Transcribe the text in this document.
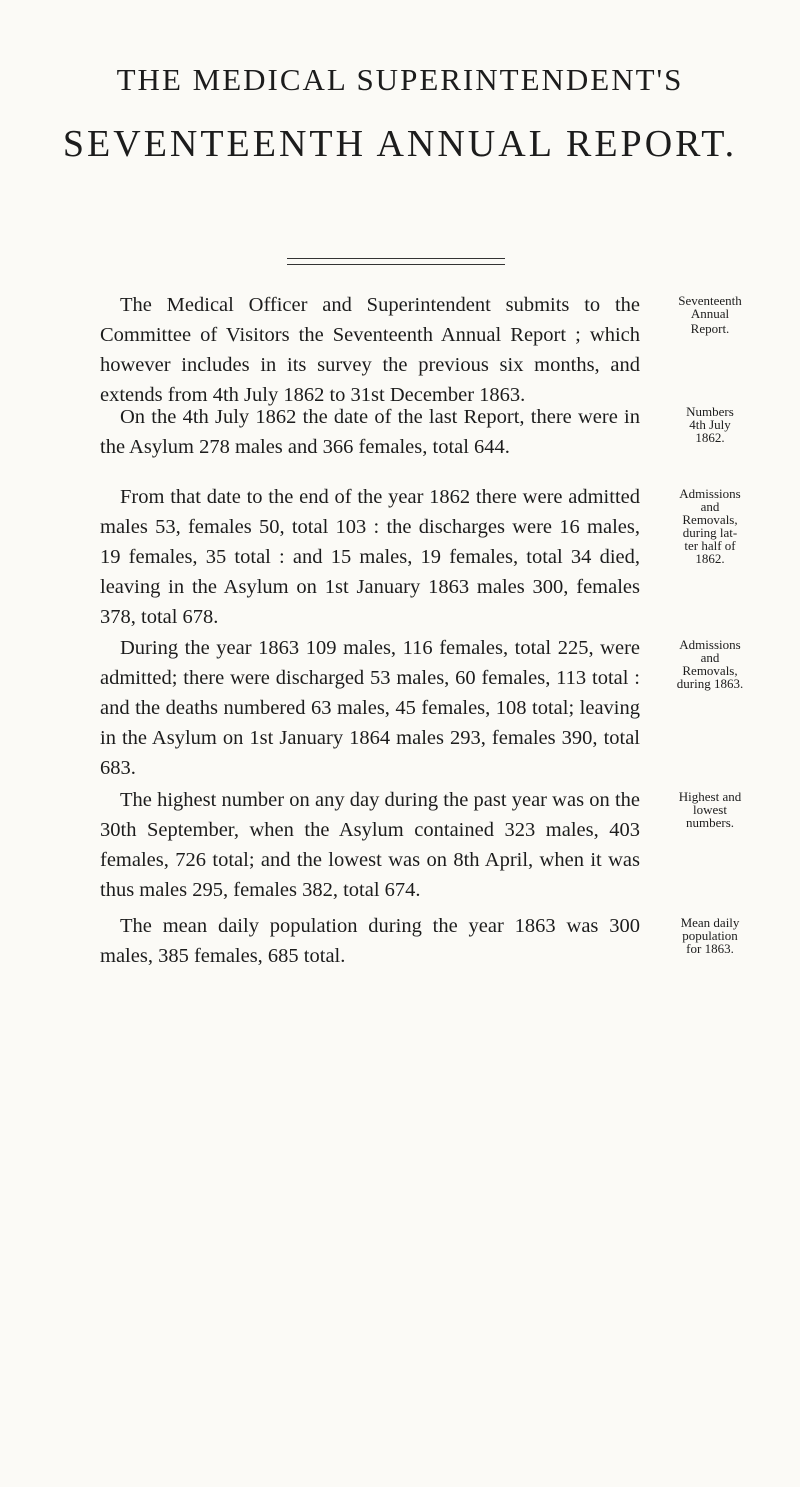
THE MEDICAL SUPERINTENDENT'S
SEVENTEENTH ANNUAL REPORT.

The Medical Officer and Superintendent submits to the Committee of Visitors the Seventeenth Annual Report ; which however includes in its survey the previous six months, and extends from 4th July 1862 to 31st December 1863.

Seventeenth
Annual
Report.

On the 4th July 1862 the date of the last Report, there were in the Asylum 278 males and 366 females, total 644.

Numbers
4th July
1862.

From that date to the end of the year 1862 there were admitted males 53, females 50, total 103 : the discharges were 16 males, 19 females, 35 total : and 15 males, 19 females, total 34 died, leaving in the Asylum on 1st January 1863 males 300, females 378, total 678.

Admissions
and
Removals,
during lat-
ter half of
1862.

During the year 1863 109 males, 116 females, total 225, were admitted; there were discharged 53 males, 60 females, 113 total : and the deaths numbered 63 males, 45 females, 108 total; leaving in the Asylum on 1st January 1864 males 293, females 390, total 683.

Admissions
and
Removals,
during 1863.

The highest number on any day during the past year was on the 30th September, when the Asylum contained 323 males, 403 females, 726 total; and the lowest was on 8th April, when it was thus males 295, females 382, total 674.

Highest and
lowest
numbers.

The mean daily population during the year 1863 was 300 males, 385 females, 685 total.

Mean daily
population
for 1863.
